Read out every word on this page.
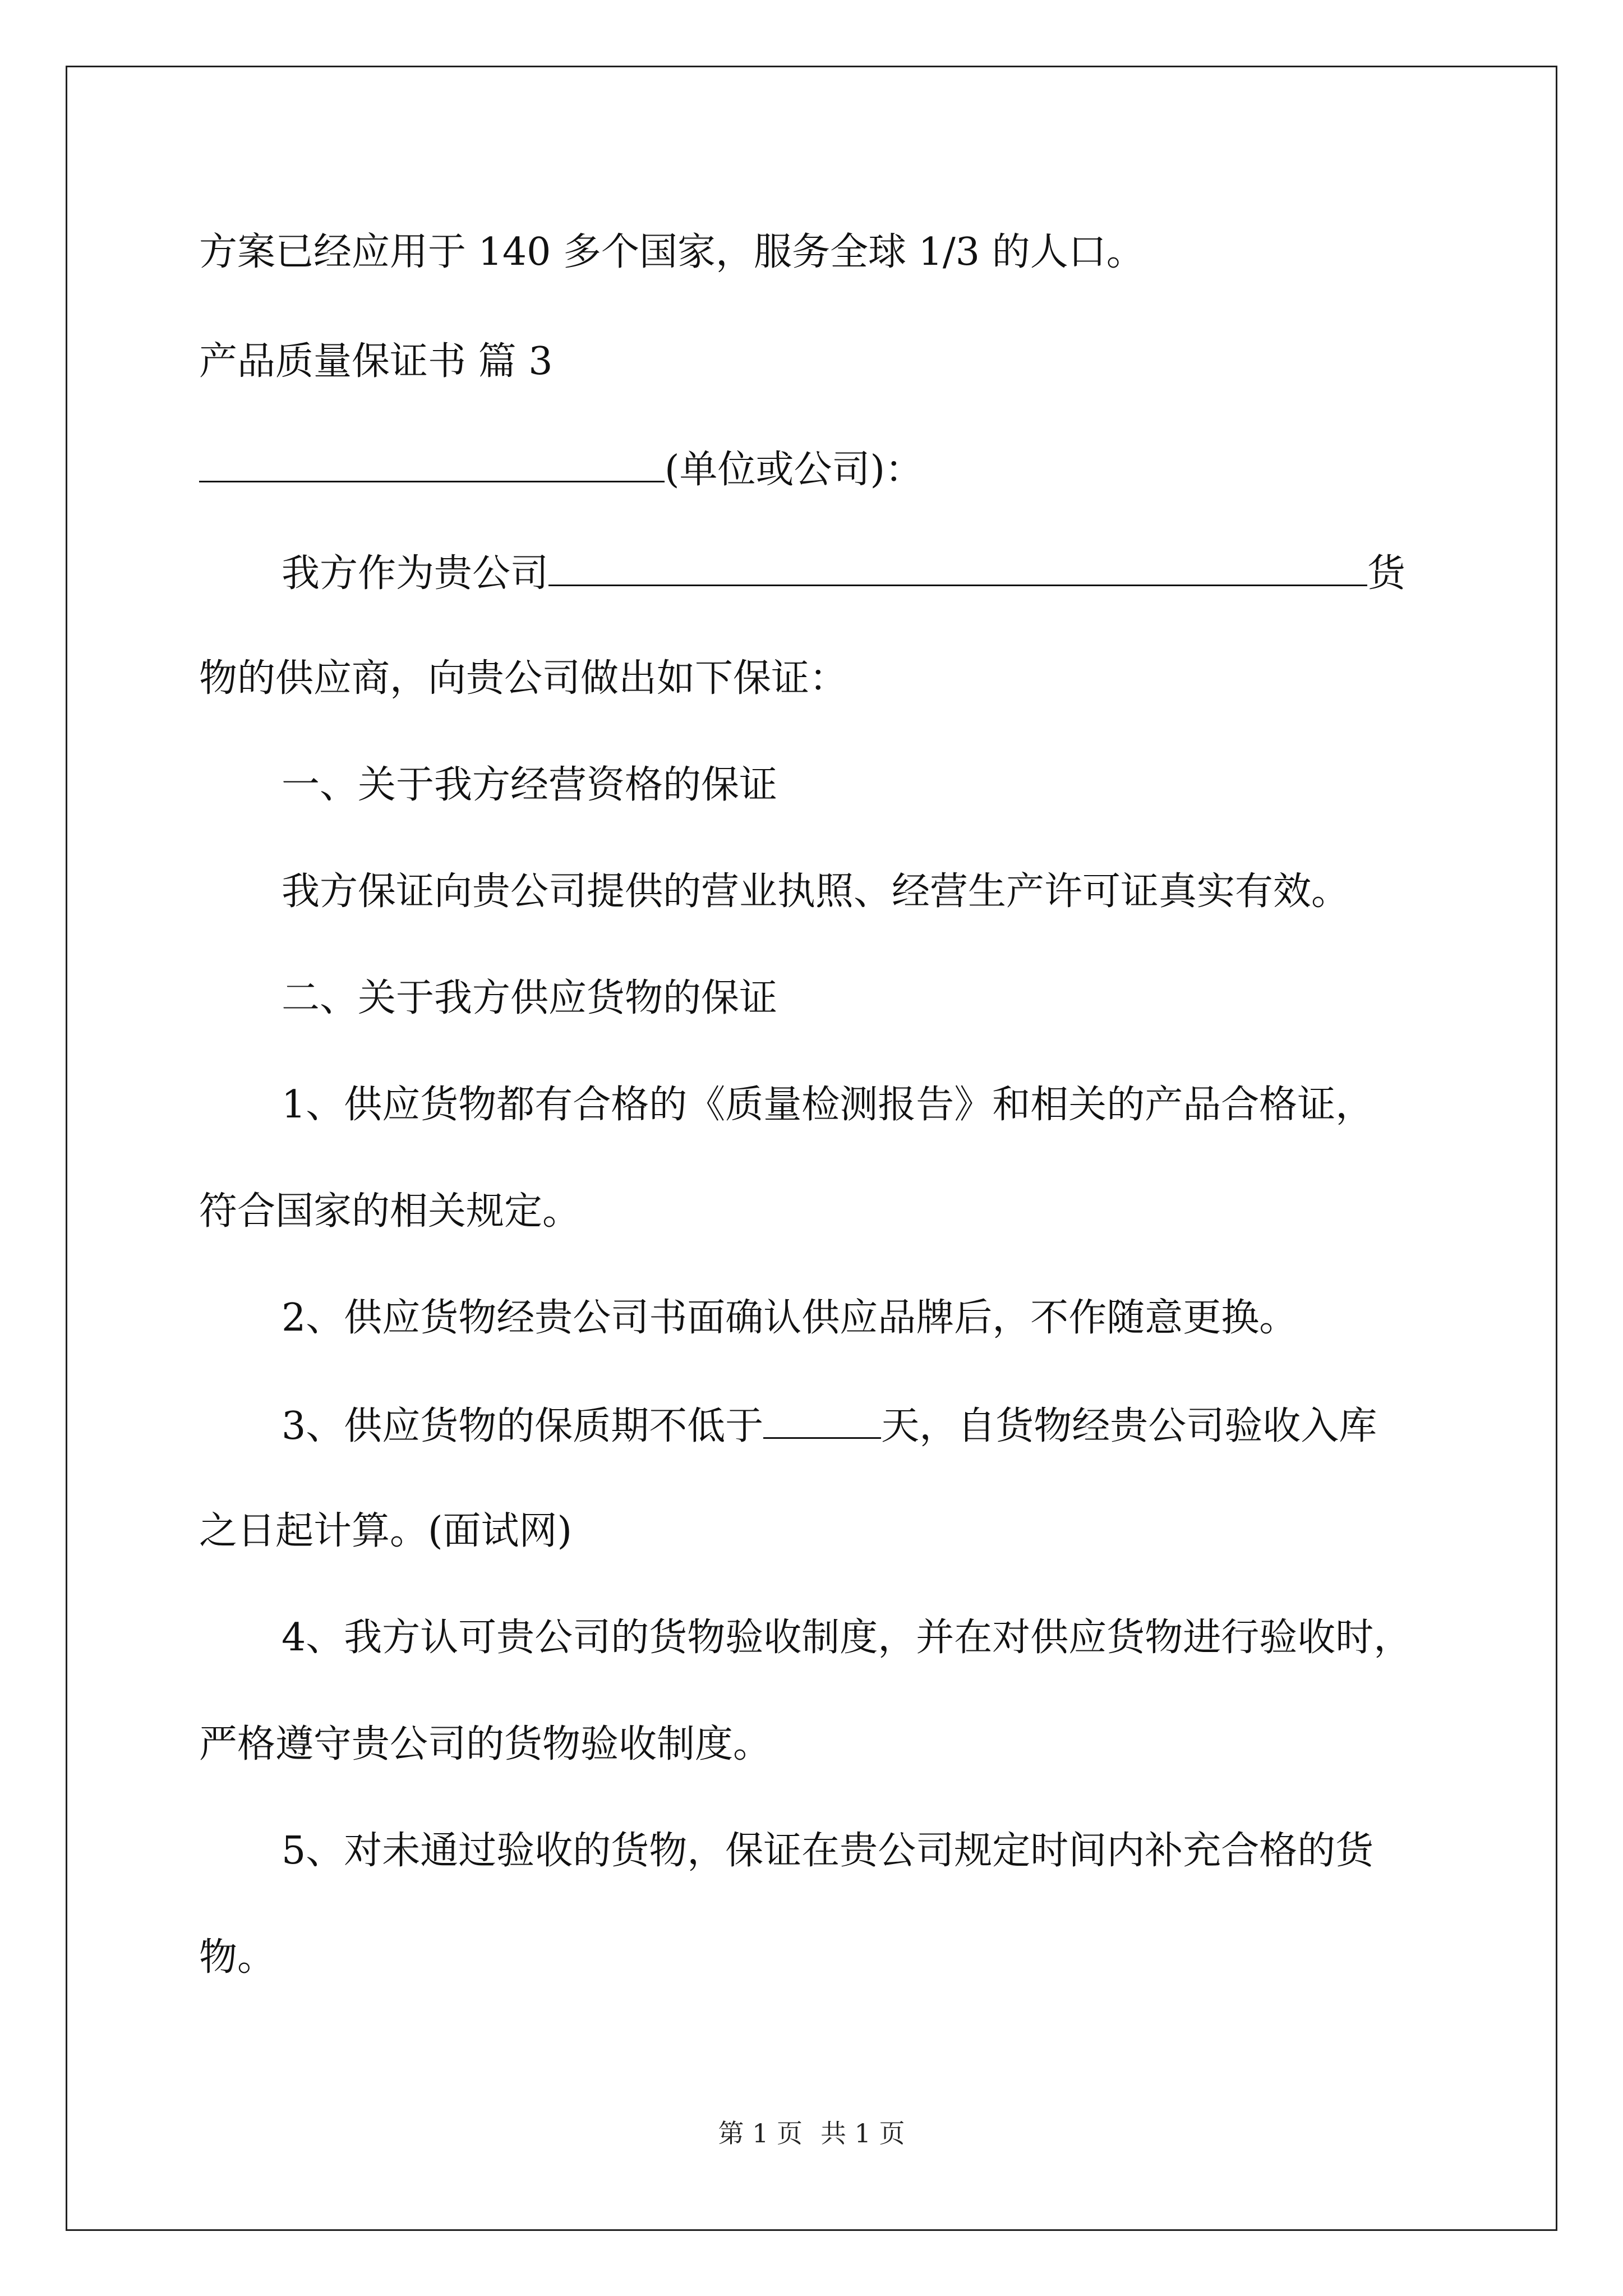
方案已经应用于 140 多个国家，服务全球 1/3 的人口。

产品质量保证书 篇 3

(单位或公司)：

我方作为贵公司	货

物的供应商，向贵公司做出如下保证：

一、关于我方经营资格的保证

我方保证向贵公司提供的营业执照、经营生产许可证真实有效。

二、关于我方供应货物的保证

1、供应货物都有合格的《质量检测报告》和相关的产品合格证，

符合国家的相关规定。

2、供应货物经贵公司书面确认供应品牌后，不作随意更换。

3、供应货物的保质期不低于	天，自货物经贵公司验收入库

之日起计算。(面试网)

4、我方认可贵公司的货物验收制度，并在对供应货物进行验收时，

严格遵守贵公司的货物验收制度。

5、对未通过验收的货物，保证在贵公司规定时间内补充合格的货

物。

第 1 页 共 1 页
